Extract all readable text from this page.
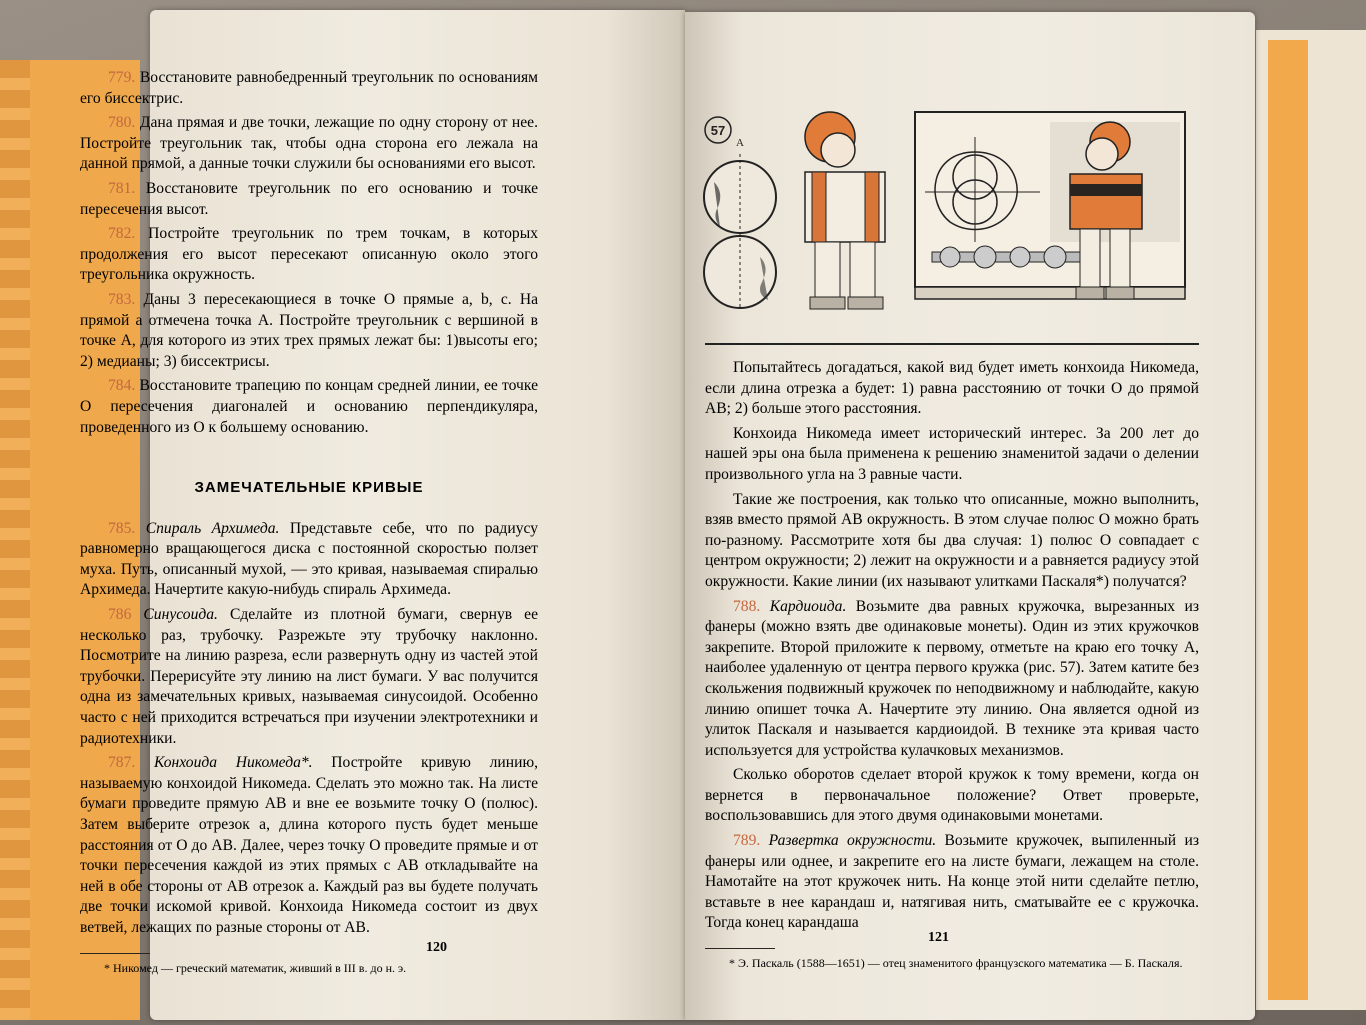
779. Восстановите равнобедренный треугольник по основаниям его биссектрис.

780. Дана прямая и две точки, лежащие по одну сторону от нее. Постройте треугольник так, чтобы одна сторона его лежала на данной прямой, а данные точки служили бы основаниями его высот.

781. Восстановите треугольник по его основанию и точке пересечения высот.

782. Постройте треугольник по трем точкам, в которых продолжения его высот пересекают описанную около этого треугольника окружность.

783. Даны 3 пересекающиеся в точке O прямые a, b, c. На прямой a отмечена точка A. Постройте треугольник с вершиной в точке A, для которого из этих трех прямых лежат бы: 1)высоты его; 2) медианы; 3) биссектрисы.

784. Восстановите трапецию по концам средней линии, ее точке O пересечения диагоналей и основанию перпендикуляра, проведенного из O к большему основанию.

ЗАМЕЧАТЕЛЬНЫЕ КРИВЫЕ

785. Спираль Архимеда. Представьте себе, что по радиусу равномерно вращающегося диска с постоянной скоростью ползет муха. Путь, описанный мухой, — это кривая, называемая спиралью Архимеда. Начертите какую-нибудь спираль Архимеда.

786 Синусоида. Сделайте из плотной бумаги, свернув ее несколько раз, трубочку. Разрежьте эту трубочку наклонно. Посмотрите на линию разреза, если развернуть одну из частей этой трубочки. Перерисуйте эту линию на лист бумаги. У вас получится одна из замечательных кривых, называемая синусоидой. Особенно часто с ней приходится встречаться при изучении электротехники и радиотехники.

787. Конхоида Никомеда*. Постройте кривую линию, называемую конхоидой Никомеда. Сделать это можно так. На листе бумаги проведите прямую AB и вне ее возьмите точку O (полюс). Затем выберите отрезок a, длина которого пусть будет меньше расстояния от O до AB. Далее, через точку O проведите прямые и от точки пересечения каждой из этих прямых с AB откладывайте на ней в обе стороны от AB отрезок a. Каждый раз вы будете получать две точки искомой кривой. Конхоида Никомеда состоит из двух ветвей, лежащих по разные стороны от AB.

* Никомед — греческий математик, живший в III в. до н. э.

120
57
A

Попытайтесь догадаться, какой вид будет иметь конхоида Никомеда, если длина отрезка a будет: 1) равна расстоянию от точки O до прямой AB; 2) больше этого расстояния.

Конхоида Никомеда имеет исторический интерес. За 200 лет до нашей эры она была применена к решению знаменитой задачи о делении произвольного угла на 3 равные части.

Такие же построения, как только что описанные, можно выполнить, взяв вместо прямой AB окружность. В этом случае полюс O можно брать по-разному. Рассмотрите хотя бы два случая: 1) полюс O совпадает с центром окружности; 2) лежит на окружности и a равняется радиусу этой окружности. Какие линии (их называют улитками Паскаля*) получатся?

788. Кардиоида. Возьмите два равных кружочка, вырезанных из фанеры (можно взять две одинаковые монеты). Один из этих кружочков закрепите. Второй приложите к первому, отметьте на краю его точку A, наиболее удаленную от центра первого кружка (рис. 57). Затем катите без скольжения подвижный кружочек по неподвижному и наблюдайте, какую линию опишет точка A. Начертите эту линию. Она является одной из улиток Паскаля и называется кардиоидой. В технике эта кривая часто используется для устройства кулачковых механизмов.

Сколько оборотов сделает второй кружок к тому времени, когда он вернется в первоначальное положение? Ответ проверьте, воспользовавшись для этого двумя одинаковыми монетами.

789. Развертка окружности. Возьмите кружочек, выпиленный из фанеры или однее, и закрепите его на листе бумаги, лежащем на столе. Намотайте на этот кружочек нить. На конце этой нити сделайте петлю, вставьте в нее карандаш и, натягивая нить, сматывайте ее с кружочка. Тогда конец карандаша

* Э. Паскаль (1588—1651) — отец знаменитого французского математика — Б. Паскаля.

121
